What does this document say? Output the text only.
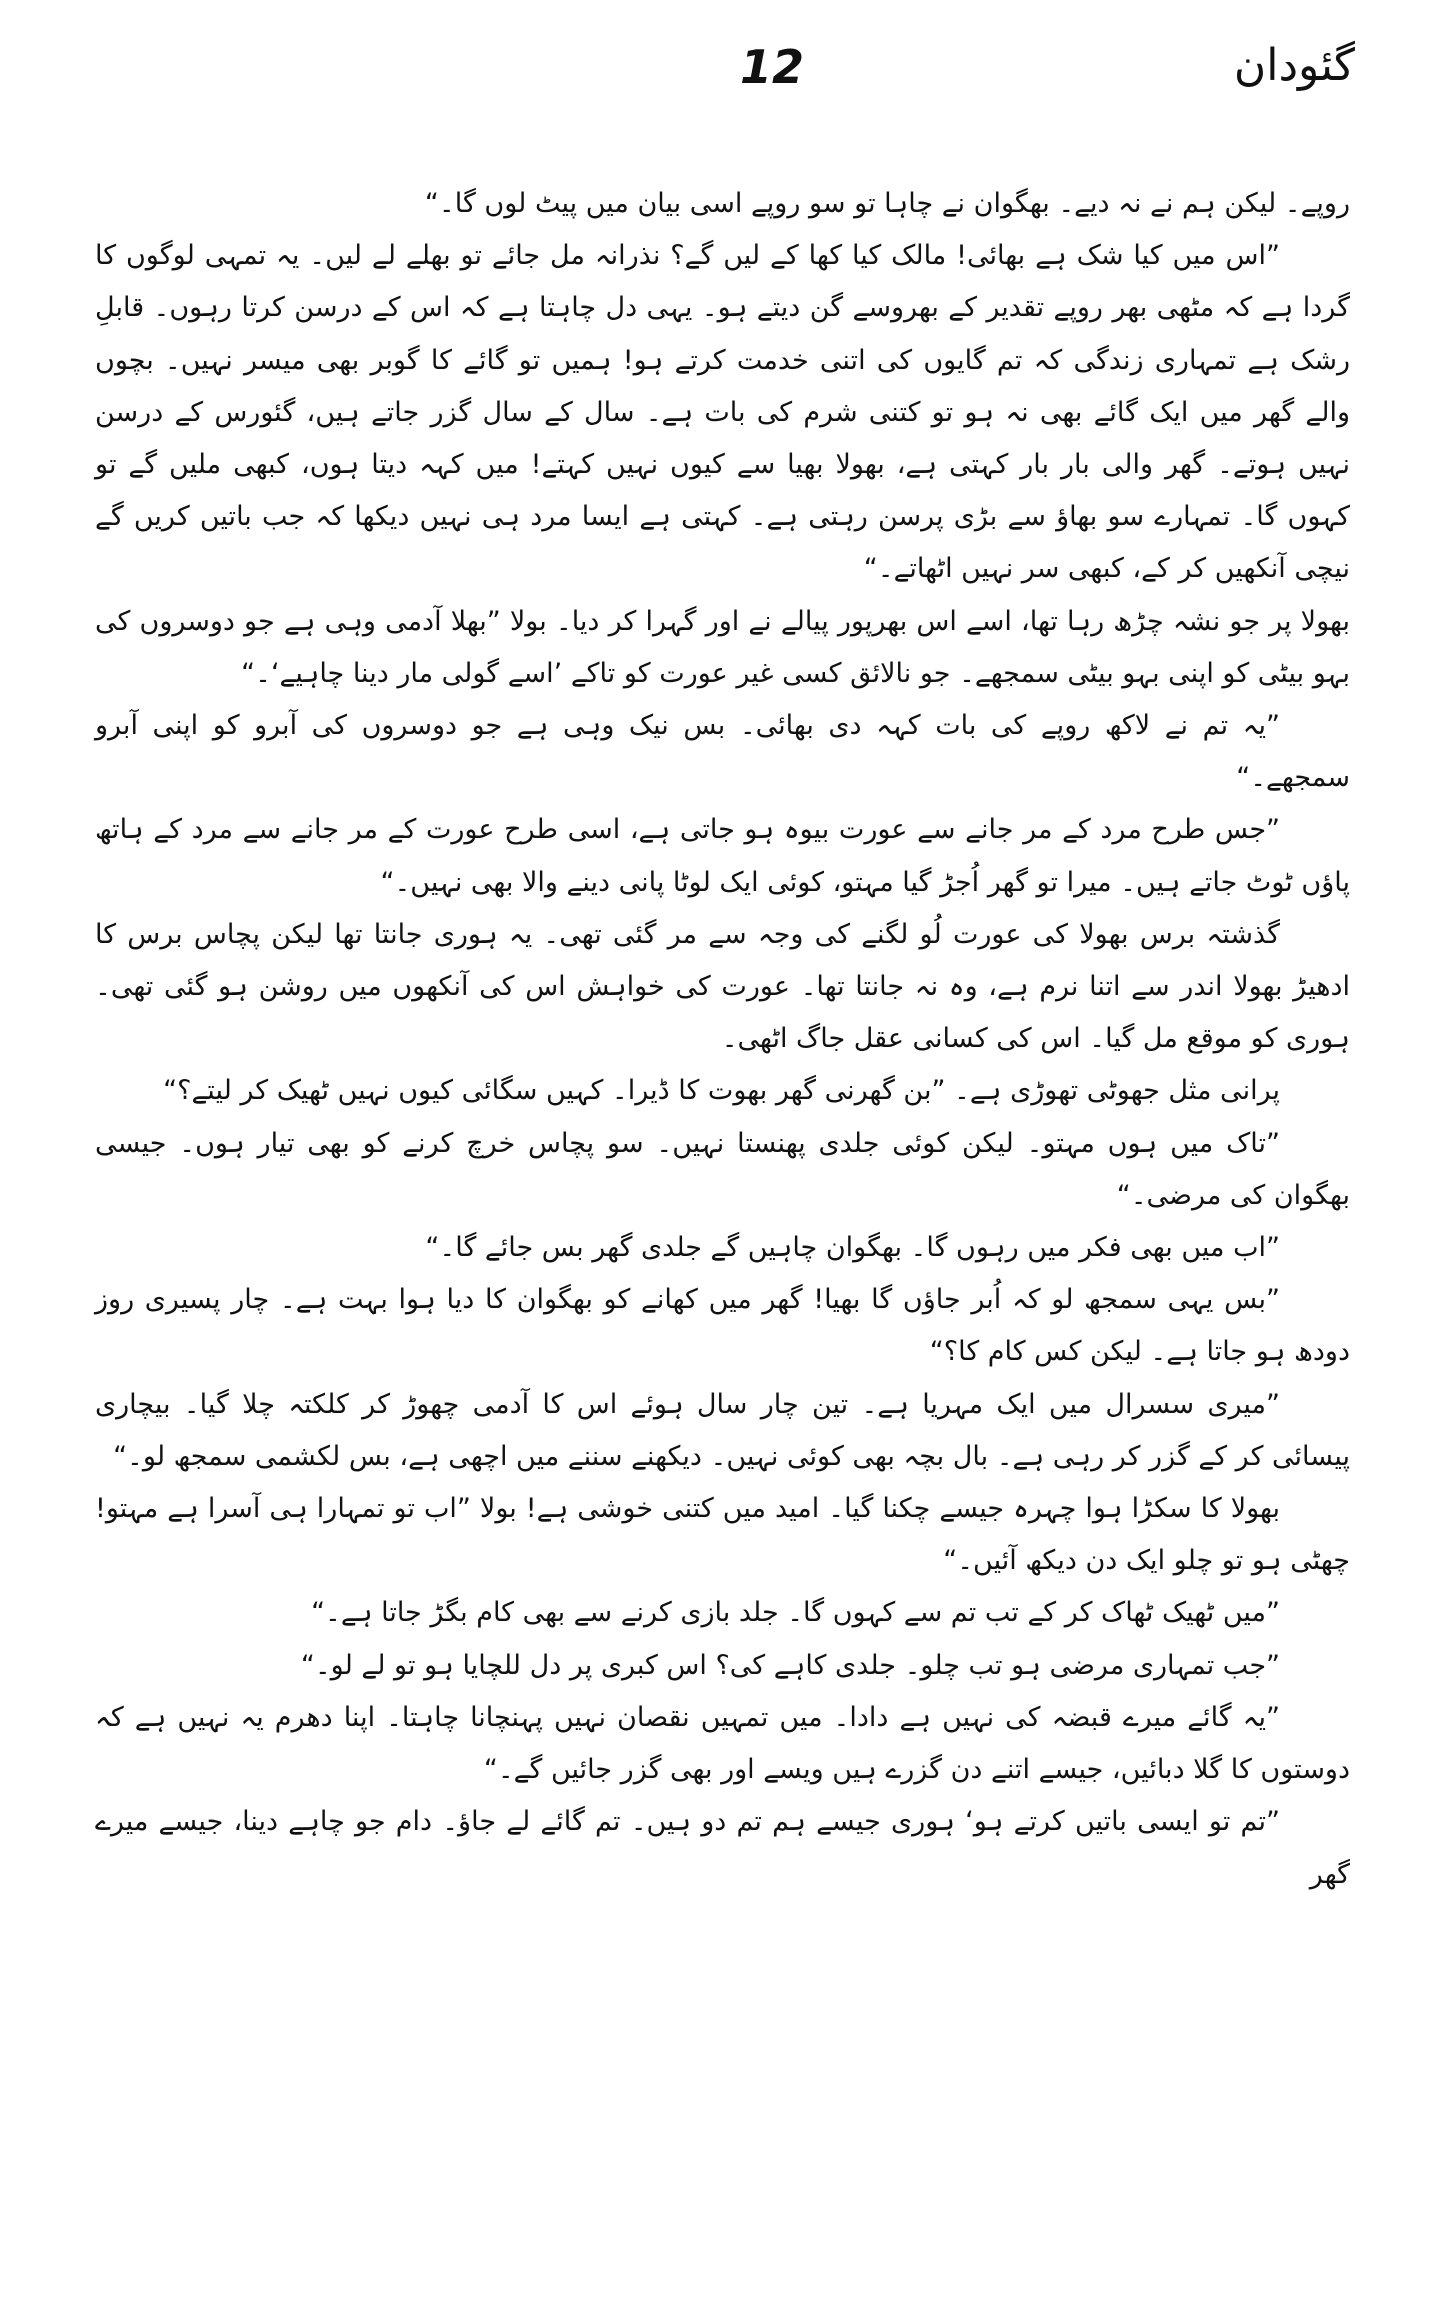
12	گئودان

روپے۔ لیکن ہم نے نہ دیے۔ بھگوان نے چاہا تو سو روپے اسی بیان میں پیٹ لوں گا۔“

”اس میں کیا شک ہے بھائی! مالک کیا کھا کے لیں گے؟ نذرانہ مل جائے تو بھلے لے لیں۔ یہ تمہی لوگوں کا گردا ہے کہ مٹھی بھر روپے تقدیر کے بھروسے گن دیتے ہو۔ یہی دل چاہتا ہے کہ اس کے درسن کرتا رہوں۔ قابلِ رشک ہے تمہاری زندگی کہ تم گایوں کی اتنی خدمت کرتے ہو! ہمیں تو گائے کا گوبر بھی میسر نہیں۔ بچوں والے گھر میں ایک گائے بھی نہ ہو تو کتنی شرم کی بات ہے۔ سال کے سال گزر جاتے ہیں، گئورس کے درسن نہیں ہوتے۔ گھر والی بار بار کہتی ہے، بھولا بھیا سے کیوں نہیں کہتے! میں کہہ دیتا ہوں، کبھی ملیں گے تو کہوں گا۔ تمہارے سو بھاؤ سے بڑی پرسن رہتی ہے۔ کہتی ہے ایسا مرد ہی نہیں دیکھا کہ جب باتیں کریں گے نیچی آنکھیں کر کے، کبھی سر نہیں اٹھاتے۔“

بھولا پر جو نشہ چڑھ رہا تھا، اسے اس بھرپور پیالے نے اور گہرا کر دیا۔ بولا ”بھلا آدمی وہی ہے جو دوسروں کی بہو بیٹی کو اپنی بہو بیٹی سمجھے۔ جو نالائق کسی غیر عورت کو تاکے ’اسے گولی مار دینا چاہیے‘۔“

”یہ تم نے لاکھ روپے کی بات کہہ دی بھائی۔ بس نیک وہی ہے جو دوسروں کی آبرو کو اپنی آبرو سمجھے۔“

”جس طرح مرد کے مر جانے سے عورت بیوہ ہو جاتی ہے، اسی طرح عورت کے مر جانے سے مرد کے ہاتھ پاؤں ٹوٹ جاتے ہیں۔ میرا تو گھر اُجڑ گیا مہتو، کوئی ایک لوٹا پانی دینے والا بھی نہیں۔“

گذشتہ برس بھولا کی عورت لُو لگنے کی وجہ سے مر گئی تھی۔ یہ ہوری جانتا تھا لیکن پچاس برس کا ادھیڑ بھولا اندر سے اتنا نرم ہے، وہ نہ جانتا تھا۔ عورت کی خواہش اس کی آنکھوں میں روشن ہو گئی تھی۔ ہوری کو موقع مل گیا۔ اس کی کسانی عقل جاگ اٹھی۔

پرانی مثل جھوٹی تھوڑی ہے۔ ”بن گھرنی گھر بھوت کا ڈیرا۔ کہیں سگائی کیوں نہیں ٹھیک کر لیتے؟“

”تاک میں ہوں مہتو۔ لیکن کوئی جلدی پھنستا نہیں۔ سو پچاس خرچ کرنے کو بھی تیار ہوں۔ جیسی بھگوان کی مرضی۔“

”اب میں بھی فکر میں رہوں گا۔ بھگوان چاہیں گے جلدی گھر بس جائے گا۔“

”بس یہی سمجھ لو کہ اُبر جاؤں گا بھیا! گھر میں کھانے کو بھگوان کا دیا ہوا بہت ہے۔ چار پسیری روز دودھ ہو جاتا ہے۔ لیکن کس کام کا؟“

”میری سسرال میں ایک مہریا ہے۔ تین چار سال ہوئے اس کا آدمی چھوڑ کر کلکتہ چلا گیا۔ بیچاری پیسائی کر کے گزر کر رہی ہے۔ بال بچہ بھی کوئی نہیں۔ دیکھنے سننے میں اچھی ہے، بس لکشمی سمجھ لو۔“

بھولا کا سکڑا ہوا چہرہ جیسے چکنا گیا۔ امید میں کتنی خوشی ہے! بولا ”اب تو تمہارا ہی آسرا ہے مہتو! چھٹی ہو تو چلو ایک دن دیکھ آئیں۔“

”میں ٹھیک ٹھاک کر کے تب تم سے کہوں گا۔ جلد بازی کرنے سے بھی کام بگڑ جاتا ہے۔“

”جب تمہاری مرضی ہو تب چلو۔ جلدی کاہے کی؟ اس کبری پر دل للچایا ہو تو لے لو۔“

”یہ گائے میرے قبضہ کی نہیں ہے دادا۔ میں تمہیں نقصان نہیں پہنچانا چاہتا۔ اپنا دھرم یہ نہیں ہے کہ دوستوں کا گلا دبائیں، جیسے اتنے دن گزرے ہیں ویسے اور بھی گزر جائیں گے۔“

”تم تو ایسی باتیں کرتے ہو‘ ہوری جیسے ہم تم دو ہیں۔ تم گائے لے جاؤ۔ دام جو چاہے دینا، جیسے میرے گھر
